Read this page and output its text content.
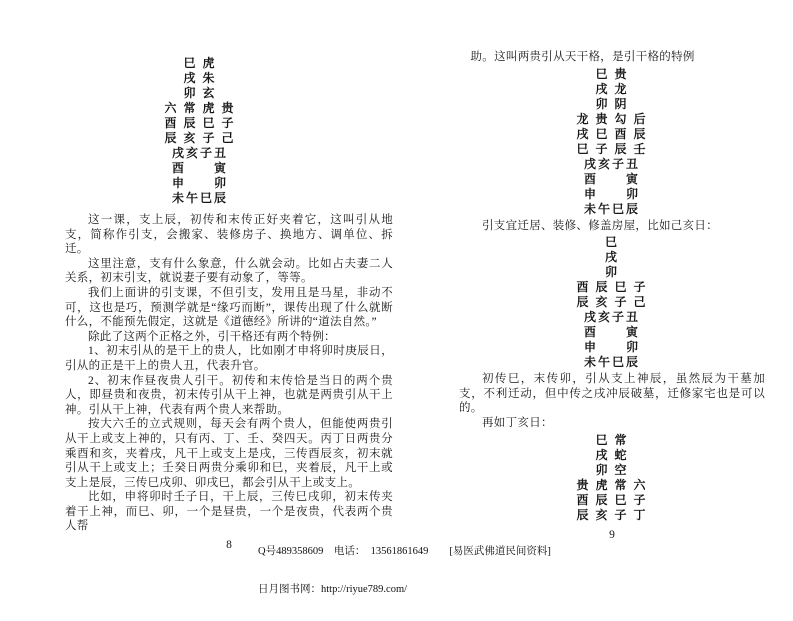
巳 虎
戌 朱
卯 玄
六 常 虎 贵
酉 辰 巳 子
辰 亥 子 己
戌亥子丑
酉　　寅
申　　卯
未午巳辰

这一课，支上辰，初传和末传正好夹着它，这叫引从地支，简称作引支，会搬家、装修房子、换地方、调单位、拆迁。

这里注意，支有什么象意，什么就会动。比如占夫妻二人关系，初末引支，就说妻子要有动象了，等等。

我们上面讲的引支课，不但引支，发用且是马星，非动不可，这也是巧，预测学就是“缘巧而断”，课传出现了什么就断什么，不能预先假定，这就是《道德经》所讲的“道法自然。”

除此了这两个正格之外，引干格还有两个特例：

1、初末引从的是干上的贵人，比如刚才申将卯时庚辰日，引从的正是干上的贵人丑，代表升官。

2、初末作昼夜贵人引干。初传和末传恰是当日的两个贵人，即昼贵和夜贵，初末传引从干上神，也就是两贵引从干上神。引从干上神，代表有两个贵人来帮助。

按大六壬的立式规则，每天会有两个贵人，但能使两贵引从干上或支上神的，只有丙、丁、壬、癸四天。丙丁日两贵分乘酉和亥，夹着戌，凡干上或支上是戌，三传酉辰亥，初末就引从干上或支上；壬癸日两贵分乘卯和巳，夹着辰，凡干上或支上是辰，三传巳戌卯、卯戌巳，都会引从干上或支上。

比如，申将卯时壬子日，干上辰，三传巳戌卯，初末传夹着干上神，而巳、卯，一个是昼贵，一个是夜贵，代表两个贵人帮

8

助。这叫两贵引从天干格，是引干格的特例

巳 贵
戌 龙
卯 阴
龙 贵 勾 后
戌 巳 酉 辰
巳 子 辰 壬
戌亥子丑
酉　　寅
申　　卯
未午巳辰

引支宜迁居、装修、修盖房屋，比如己亥日：

巳
戌
卯
酉 辰 巳 子
辰 亥 子 己
戌亥子丑
酉　　寅
申　　卯
未午巳辰

初传巳，末传卯，引从支上神辰，虽然辰为干墓加支，不利迁动，但中传之戌冲辰破墓，迁修家宅也是可以的。

再如丁亥日：

巳 常
戌 蛇
卯 空
贵 虎 常 六
酉 辰 巳 子
辰 亥 子 丁
9

Q号489358609　电话：　13561861649　　[易医武佛道民间资料]

日月图书网：http://riyue789.com/
